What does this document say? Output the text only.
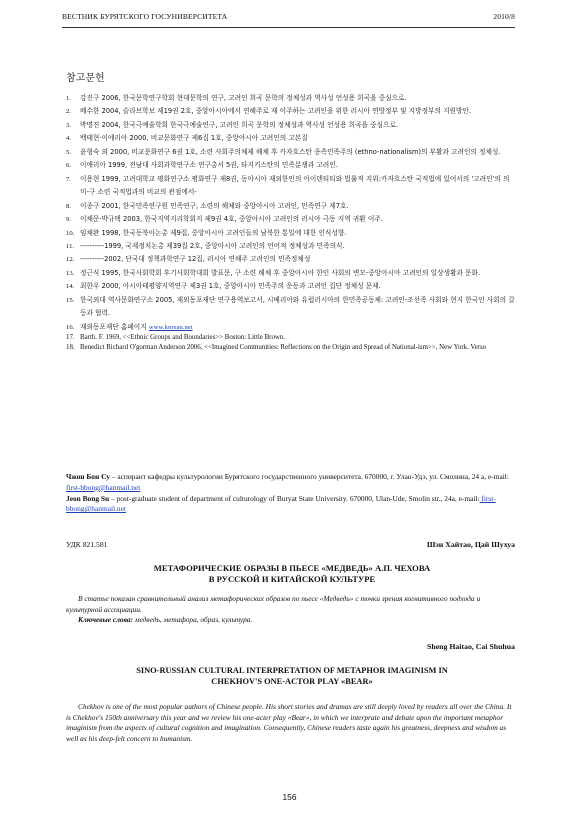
ВЕСТНИК БУРЯТСКОГО ГОСУНИВЕРСИТЕТА	2010/8
참고문헌
1. 강진구 2006, 한국문학연구학회 현대문학의 연구, 고려인 희곡 문학의 정체성과 역사성 언성용 희곡을 중심으로.
2. 배수한 2004, 슬라브학보 제19권 2호, 중앙아시아에서 연해주로 재 이주하는 고려인을 위한 러시아 연방정부 및 지방정부의 지원방안.
3. 박명진 2004, 한국극예술학회 한국극예술연구, 고려인 희곡 문학의 정체성과 역사성 언성용 희곡을 중심으로.
4. 백태현·이에리아 2000, 비교문화연구 제6집 1호, 중앙아시아 고려인의 고본질
5. 윤형숙 외 2000, 비교문화연구 6권 1호, 소련 사회주의체제 해체 후 카자흐스탄 종족민족주의 (ethno-nationalism)의 부활과 고려인의 정체성.
6. 이애리아 1999, 전남대 사회과학연구소 연구총서 5권, 타지키스탄의 민족분쟁과 고려인.
7. 이용현 1999, 고려대학교 평화연구소 평화연구 제8권, 동아시아 재외한인의 아이덴티티와 법률적 지위:카자흐스탄 국적법에 있어서의 '고려인'의 의미-구 소련 국적법과의 비교의 관점에서-
8. 이종구 2001, 한국민족연구원 민족연구, 소련의 해체와 중앙아시아 고려인, 민족연구 제7호.
9. 이채문·박규택 2003, 한국지역지리학회지 제9권 4호, 중앙아시아 고려인의 러시아 극동 지역 귀환 이주.
10. 임채완 1998, 한국동북아논총 제9집, 중앙아시아 고려인들의 남북한 통일에 대한 인식성향.
11. ----------1999, 국제정치논총 제39집 2호, 중앙아시아 고려인의 언어적 정체성과 민족의식.
12. ----------2002, 단국대 정책과학연구 12집, 러시아 연해주 고려인의 민족정체성
13. 정근식 1995, 한국사회학회 후기사회학대회 발표문, 구 소련 해체 후 중앙아시아 한인 사회의 변모-중앙아시아 고려인의 일상생활과 문화.
14. 최한우 2000, 아시아태평양지역연구 제3권 1호, 중앙아시아 민족주의 운동과 고려인 집단 정체성 문제.
15. 한국외대 역사문화연구소 2005, 재외동포재단 연구용역보고서, 시베리아와 유럽러시아의 한민족공동체: 고려인-조선족 사회와 현지 한국인 사회의 갈등과 협력.
16. 재외동포재단 홈페이지 www.korean.net
17. Barth. F. 1969, <<Ethnic Groups and Boundaries>> Boston: Little Brown.
18. Benedict Richard O'gorman Anderson 2006, <<Imagined Communities: Reflections on the Origin and Spread of National-ism>>, New York. Verso

Чжон Бон Су – аспирант кафедры культурологии Бурятского государственного университета. 670000, г. Улан-Удэ, ул. Смолина, 24 а, e-mail: first-bbong@hanmail.net

Jeon Bong Su – post-graduate student of department of culturology of Buryat State University. 670000, Ulan-Ude, Smolin str., 24a, e-mail: first-bbong@hanmail.net

УДК 821.581	Шэн Хайтао, Цай Шухуа
МЕТАФОРИЧЕСКИЕ ОБРАЗЫ В ПЬЕСЕ «МЕДВЕДЬ» А.П. ЧЕХОВА
В РУССКОЙ И КИТАЙСКОЙ КУЛЬТУРЕ

В статье показан сравнительный анализ метафорических образов по пьесе «Медведь» с точки зрения когнитивного подхода и культурной ассоциации.

Ключевые слова: медведь, метафора, образ, культура.
Sheng Haitao, Cai Shuhua
SINO-RUSSIAN CULTURAL INTERPRETATION OF METAPHOR IMAGINISM IN
CHEKHOV'S ONE-ACTOR PLAY «BEAR»

Chekhov is one of the most popular authors of Chinese people. His short stories and dramas are still deeply loved by readers all over the China. It is Chekhov's 150th anniversary this year and we review his one-acter play «Bear», in which we interprate and debate upon the important metaphor imaginism from the aspects of cultural cognition and imagination. Consequently, Chinese readers taste again his greatness, deepness and wisdom as well as his deep-felt concern to humanism.

156
